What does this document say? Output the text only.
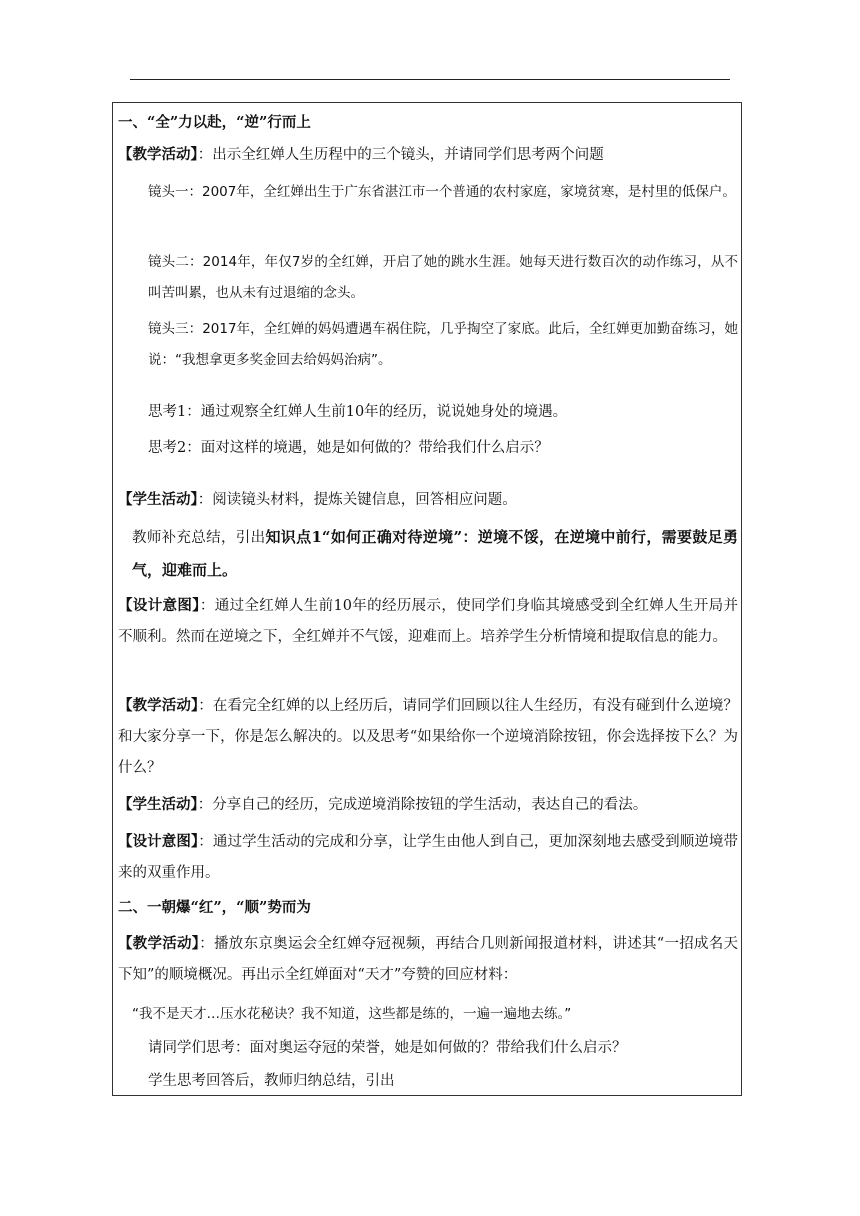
一、“全”力以赴，“逆”行而上

【教学活动】：出示全红婵人生历程中的三个镜头，并请同学们思考两个问题

镜头一：2007年，全红婵出生于广东省湛江市一个普通的农村家庭，家境贫寒，是村里的低保户。

镜头二：2014年，年仅7岁的全红婵，开启了她的跳水生涯。她每天进行数百次的动作练习，从不叫苦叫累，也从未有过退缩的念头。

镜头三：2017年，全红婵的妈妈遭遇车祸住院，几乎掏空了家底。此后，全红婵更加勤奋练习，她说：“我想拿更多奖金回去给妈妈治病”。

思考1：通过观察全红婵人生前10年的经历，说说她身处的境遇。

思考2：面对这样的境遇，她是如何做的？带给我们什么启示？

【学生活动】：阅读镜头材料，提炼关键信息，回答相应问题。

教师补充总结，引出知识点1“如何正确对待逆境”：逆境不馁，在逆境中前行，需要鼓足勇气，迎难而上。

【设计意图】：通过全红婵人生前10年的经历展示，使同学们身临其境感受到全红婵人生开局并不顺利。然而在逆境之下，全红婵并不气馁，迎难而上。培养学生分析情境和提取信息的能力。

【教学活动】：在看完全红婵的以上经历后，请同学们回顾以往人生经历，有没有碰到什么逆境？和大家分享一下，你是怎么解决的。以及思考“如果给你一个逆境消除按钮，你会选择按下么？为什么？

【学生活动】：分享自己的经历，完成逆境消除按钮的学生活动，表达自己的看法。

【设计意图】：通过学生活动的完成和分享，让学生由他人到自己，更加深刻地去感受到顺逆境带来的双重作用。

二、一朝爆“红”，“顺”势而为

【教学活动】：播放东京奥运会全红婵夺冠视频，再结合几则新闻报道材料，讲述其“一招成名天下知”的顺境概况。再出示全红婵面对“天才”夸赞的回应材料：

“我不是天才…压水花秘诀？我不知道，这些都是练的，一遍一遍地去练。”

请同学们思考：面对奥运夺冠的荣誉，她是如何做的？带给我们什么启示？

学生思考回答后，教师归纳总结，引出
